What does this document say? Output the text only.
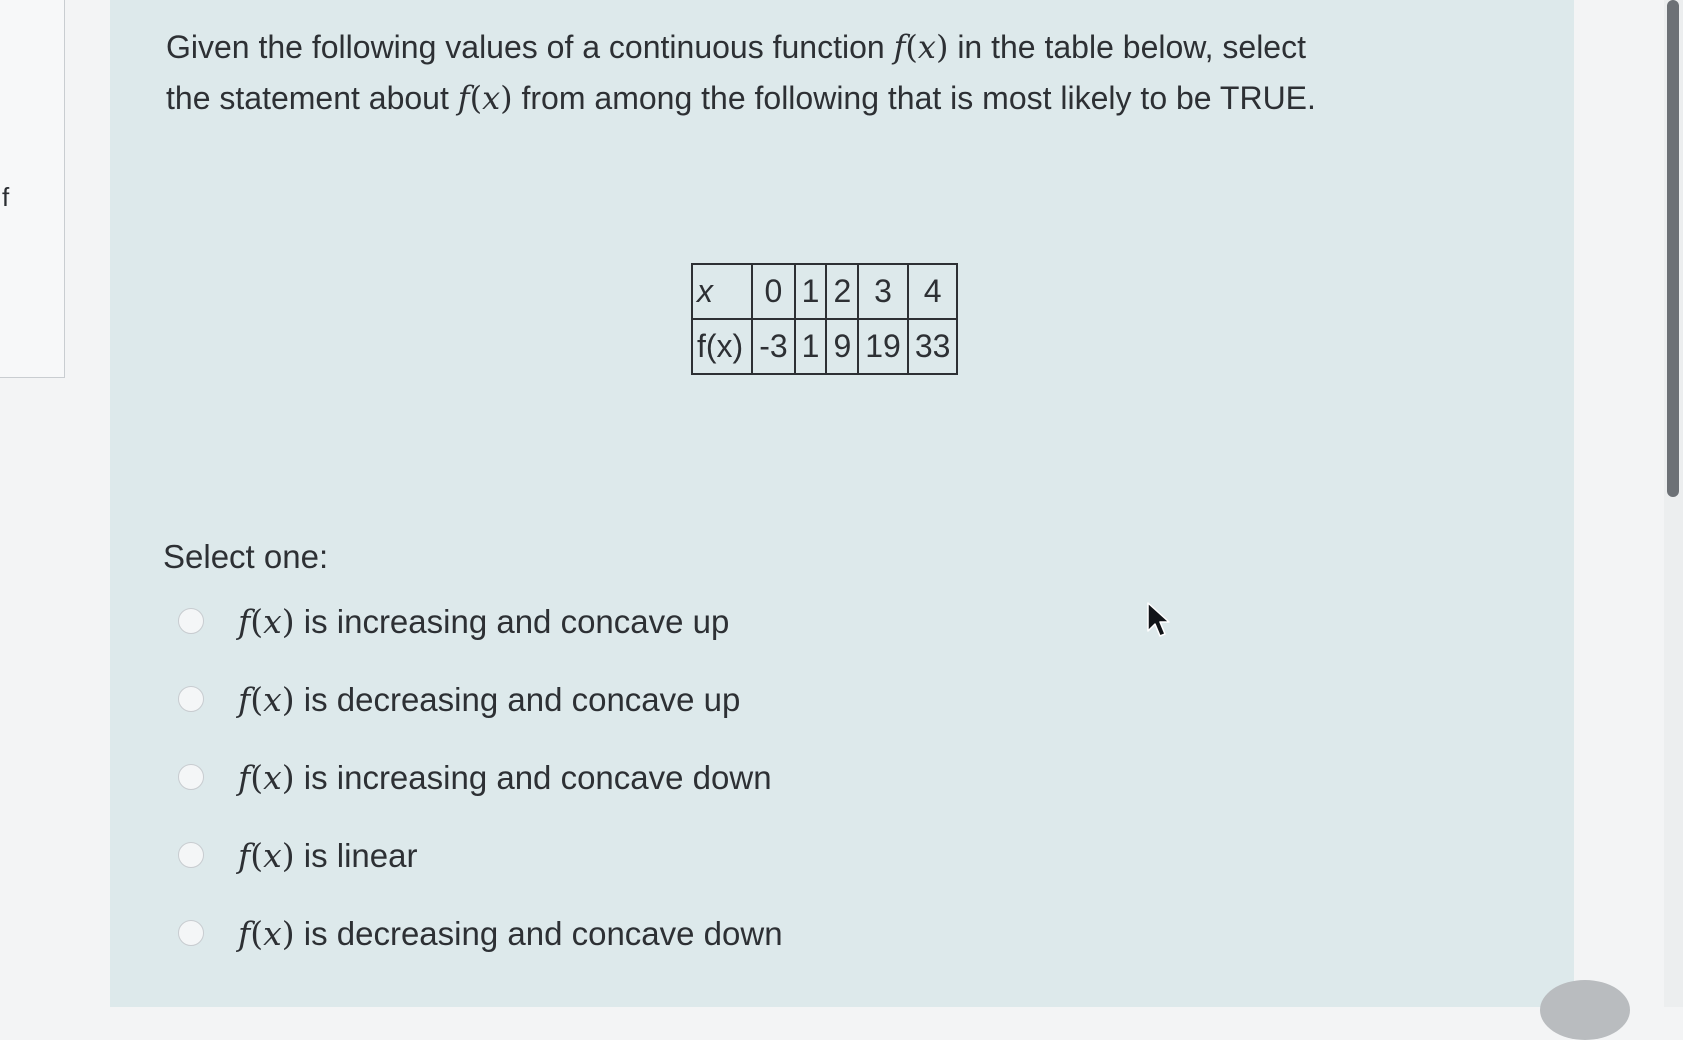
f

Given the following values of a continuous function f(x) in the table below, select
the statement about f(x) from among the following that is most likely to be TRUE.

x	0	1	2	3	4
f(x)	-3	1	9	19	33

Select one:

f(x) is increasing and concave up
f(x) is decreasing and concave up
f(x) is increasing and concave down
f(x) is linear
f(x) is decreasing and concave down
